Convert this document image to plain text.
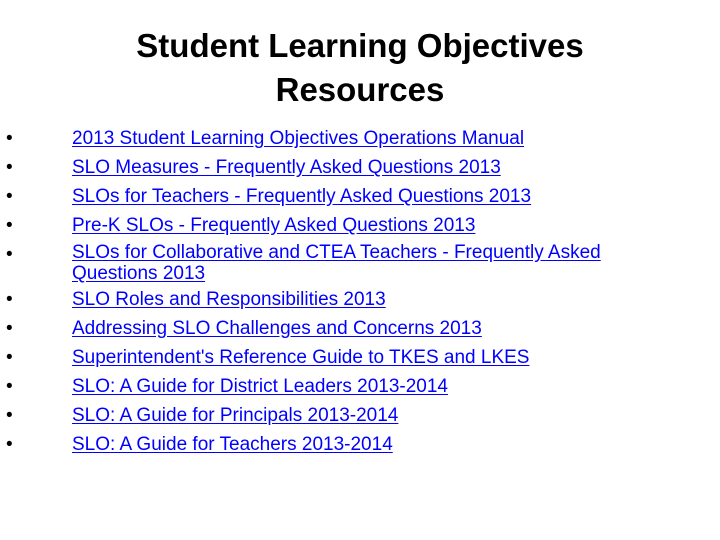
Student Learning Objectives
Resources
•	2013 Student Learning Objectives Operations Manual
•	SLO Measures - Frequently Asked Questions 2013
•	SLOs for Teachers - Frequently Asked Questions 2013
•	Pre-K SLOs - Frequently Asked Questions 2013
•	SLOs for Collaborative and CTEA Teachers - Frequently Asked Questions 2013
•	SLO Roles and Responsibilities 2013
•	Addressing SLO Challenges and Concerns 2013
•	Superintendent's Reference Guide to TKES and LKES
•	SLO: A Guide for District Leaders 2013-2014
•	SLO: A Guide for Principals 2013-2014
•	SLO: A Guide for Teachers 2013-2014
